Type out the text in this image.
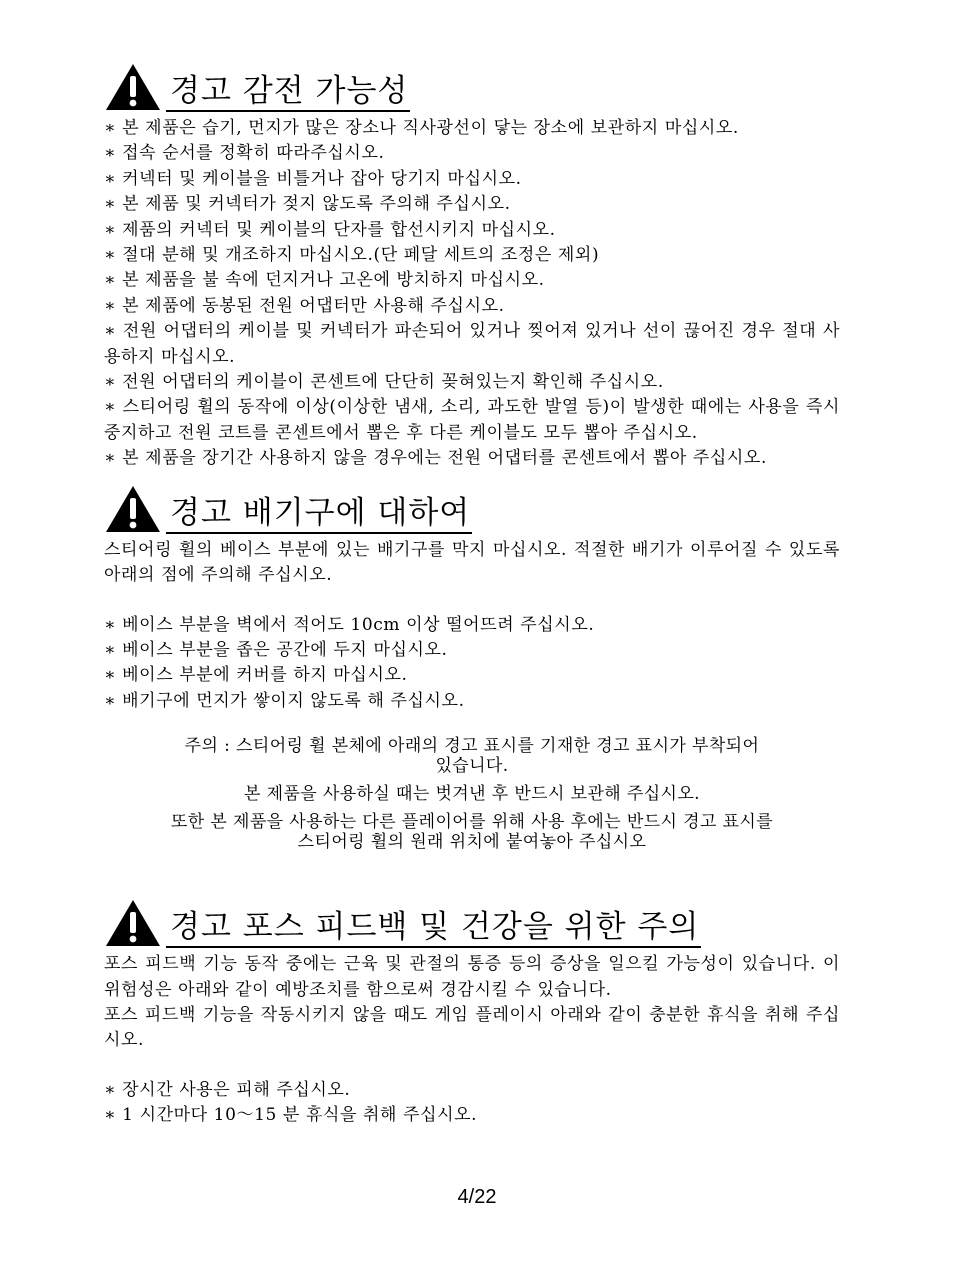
경고 감전 가능성

∗ 본 제품은 습기, 먼지가 많은 장소나 직사광선이 닿는 장소에 보관하지 마십시오.

∗ 접속 순서를 정확히 따라주십시오.

∗ 커넥터 및 케이블을 비틀거나 잡아 당기지 마십시오.

∗ 본 제품 및 커넥터가 젖지 않도록 주의해 주십시오.

∗ 제품의 커넥터 및 케이블의 단자를 합선시키지 마십시오.

∗ 절대 분해 및 개조하지 마십시오.(단 페달 세트의 조정은 제외)

∗ 본 제품을 불 속에 던지거나 고온에 방치하지 마십시오.

∗ 본 제품에 동봉된 전원 어댑터만 사용해 주십시오.

∗ 전원 어댑터의 케이블 및 커넥터가 파손되어 있거나 찢어져 있거나 선이 끊어진 경우 절대 사용하지 마십시오.

∗ 전원 어댑터의 케이블이 콘센트에 단단히 꽂혀있는지 확인해 주십시오.

∗ 스티어링 휠의 동작에 이상(이상한 냄새, 소리, 과도한 발열 등)이 발생한 때에는 사용을 즉시 중지하고 전원 코트를 콘센트에서 뽑은 후 다른 케이블도 모두 뽑아 주십시오.

∗ 본 제품을 장기간 사용하지 않을 경우에는 전원 어댑터를 콘센트에서 뽑아 주십시오.

경고 배기구에 대하여

스티어링 휠의 베이스 부분에 있는 배기구를 막지 마십시오. 적절한 배기가 이루어질 수 있도록 아래의 점에 주의해 주십시오.

∗ 베이스 부분을 벽에서 적어도 10cm 이상 떨어뜨려 주십시오.

∗ 베이스 부분을 좁은 공간에 두지 마십시오.

∗ 베이스 부분에 커버를 하지 마십시오.

∗ 배기구에 먼지가 쌓이지 않도록 해 주십시오.

주의 : 스티어링 휠 본체에 아래의 경고 표시를 기재한 경고 표시가 부착되어

있습니다.

본 제품을 사용하실 때는 벗겨낸 후 반드시 보관해 주십시오.

또한 본 제품을 사용하는 다른 플레이어를 위해 사용 후에는 반드시 경고 표시를

스티어링 휠의 원래 위치에 붙여놓아 주십시오

경고 포스 피드백 및 건강을 위한 주의

포스 피드백 기능 동작 중에는 근육 및 관절의 통증 등의 증상을 일으킬 가능성이 있습니다. 이 위험성은 아래와 같이 예방조치를 함으로써 경감시킬 수 있습니다.

포스 피드백 기능을 작동시키지 않을 때도 게임 플레이시 아래와 같이 충분한 휴식을 취해 주십시오.

∗ 장시간 사용은 피해 주십시오.

∗ 1 시간마다 10～15 분 휴식을 취해 주십시오.

4/22
